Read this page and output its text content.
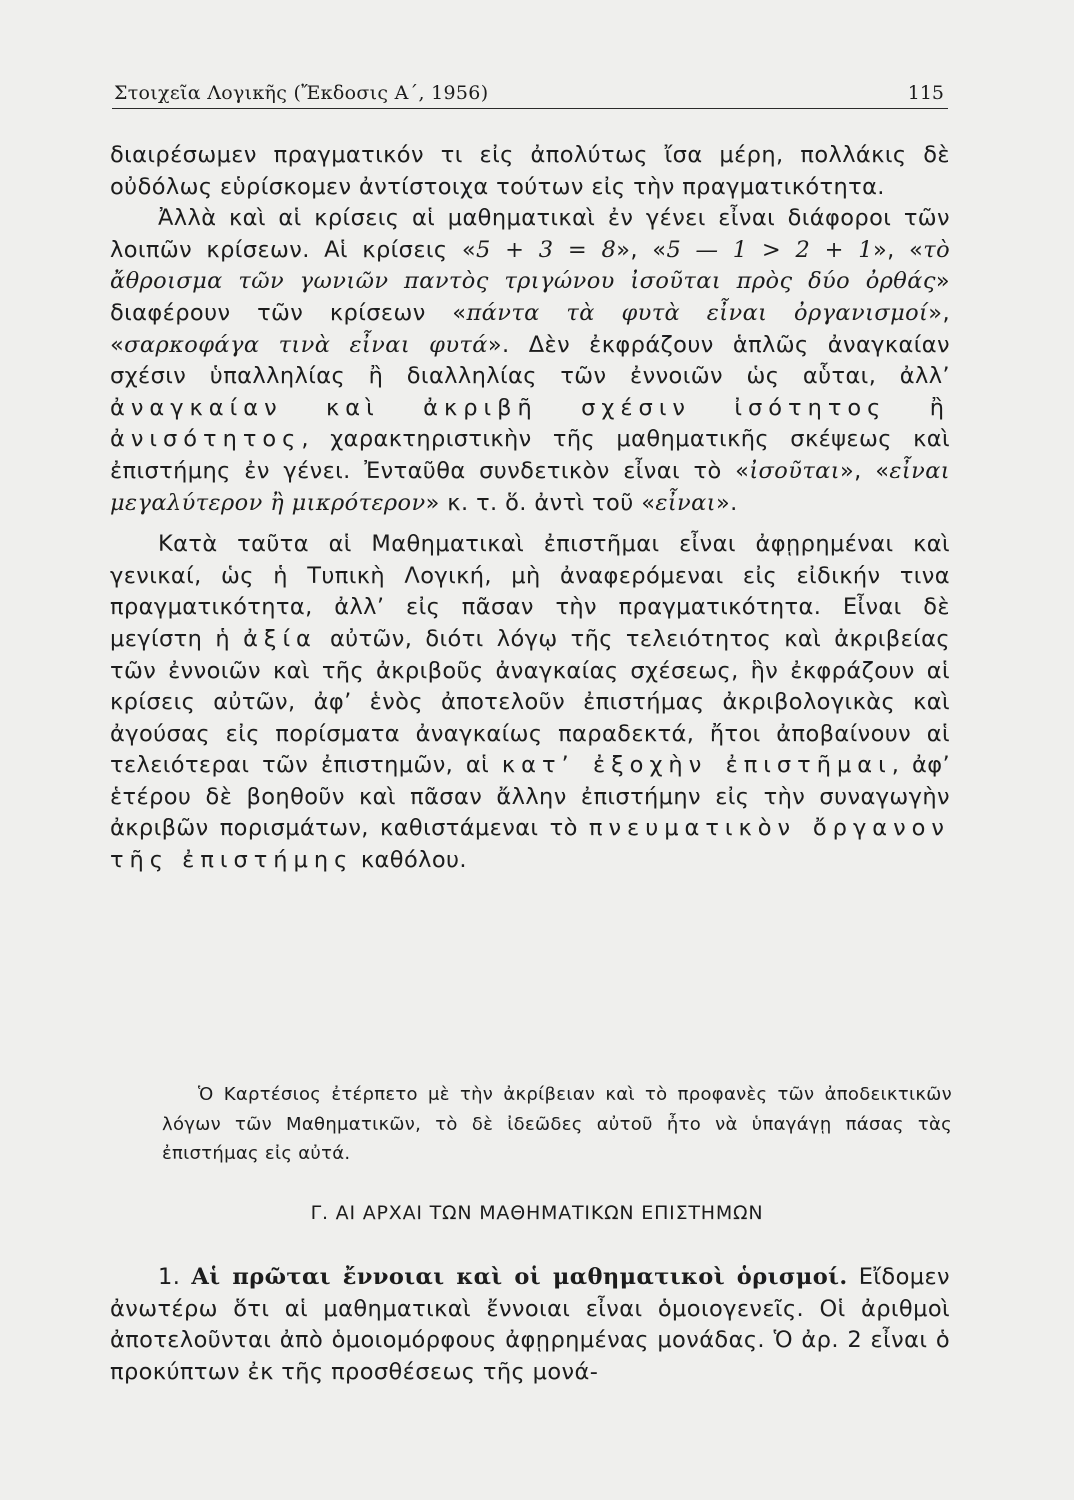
Στοιχεῖα Λογικῆς (Ἔκδοσις Α΄, 1956)	115

διαιρέσωμεν πραγματικόν τι εἰς ἀπολύτως ἴσα μέρη, πολλάκις δὲ οὐδόλως εὑρίσκομεν ἀντίστοιχα τούτων εἰς τὴν πραγματικότητα.

Ἀλλὰ καὶ αἱ κρίσεις αἱ μαθηματικαὶ ἐν γένει εἶναι διάφοροι τῶν λοιπῶν κρίσεων. Αἱ κρίσεις «5 + 3 = 8», «5 — 1 > 2 + 1», «τὸ ἄθροισμα τῶν γωνιῶν παντὸς τριγώνου ἰσοῦται πρὸς δύο ὀρθάς» διαφέρουν τῶν κρίσεων «πάντα τὰ φυτὰ εἶναι ὀργανισμοί», «σαρκοφάγα τινὰ εἶναι φυτά». Δὲν ἐκφράζουν ἁπλῶς ἀναγκαίαν σχέσιν ὑπαλληλίας ἢ διαλληλίας τῶν ἐννοιῶν ὡς αὗται, ἀλλ’ ἀναγκαίαν καὶ ἀκριβῆ σχέσιν ἰσότητος ἢ ἀνισότητος, χαρακτηριστικὴν τῆς μαθηματικῆς σκέψεως καὶ ἐπιστήμης ἐν γένει. Ἐνταῦθα συνδετικὸν εἶναι τὸ «ἰσοῦται», «εἶναι μεγαλύτερον ἢ μικρότερον» κ. τ. ὅ. ἀντὶ τοῦ «εἶναι».

Κατὰ ταῦτα αἱ Μαθηματικαὶ ἐπιστῆμαι εἶναι ἀφῃρημέναι καὶ γενικαί, ὡς ἡ Τυπικὴ Λογική, μὴ ἀναφερόμεναι εἰς εἰδικήν τινα πραγματικότητα, ἀλλ’ εἰς πᾶσαν τὴν πραγματικότητα. Εἶναι δὲ μεγίστη ἡ ἀξία αὐτῶν, διότι λόγῳ τῆς τελειότητος καὶ ἀκριβείας τῶν ἐννοιῶν καὶ τῆς ἀκριβοῦς ἀναγκαίας σχέσεως, ἣν ἐκφράζουν αἱ κρίσεις αὐτῶν, ἀφ’ ἑνὸς ἀποτελοῦν ἐπιστήμας ἀκριβολογικὰς καὶ ἀγούσας εἰς πορίσματα ἀναγκαίως παραδεκτά, ἤτοι ἀποβαίνουν αἱ τελειότεραι τῶν ἐπιστημῶν, αἱ κατ’ ἐξοχὴν ἐπιστῆμαι, ἀφ’ ἑτέρου δὲ βοηθοῦν καὶ πᾶσαν ἄλλην ἐπιστήμην εἰς τὴν συναγωγὴν ἀκριβῶν πορισμάτων, καθιστάμεναι τὸ πνευματικὸν ὄργανον τῆς ἐπιστήμης καθόλου.

Ὁ Καρτέσιος ἐτέρπετο μὲ τὴν ἀκρίβειαν καὶ τὸ προφανὲς τῶν ἀποδεικτικῶν λόγων τῶν Μαθηματικῶν, τὸ δὲ ἰδεῶδες αὐτοῦ ἦτο νὰ ὑπαγάγῃ πάσας τὰς ἐπιστήμας εἰς αὐτά.

Γ. ΑΙ ΑΡΧΑΙ ΤΩΝ ΜΑΘΗΜΑΤΙΚΩΝ ΕΠΙΣΤΗΜΩΝ

1. Αἱ πρῶται ἔννοιαι καὶ οἱ μαθηματικοὶ ὁρισμοί. Εἴδομεν ἀνωτέρω ὅτι αἱ μαθηματικαὶ ἔννοιαι εἶναι ὁμοιογενεῖς. Οἱ ἀριθμοὶ ἀποτελοῦνται ἀπὸ ὁμοιομόρφους ἀφῃρημένας μονάδας. Ὁ ἀρ. 2 εἶναι ὁ προκύπτων ἐκ τῆς προσθέσεως τῆς μονά-
